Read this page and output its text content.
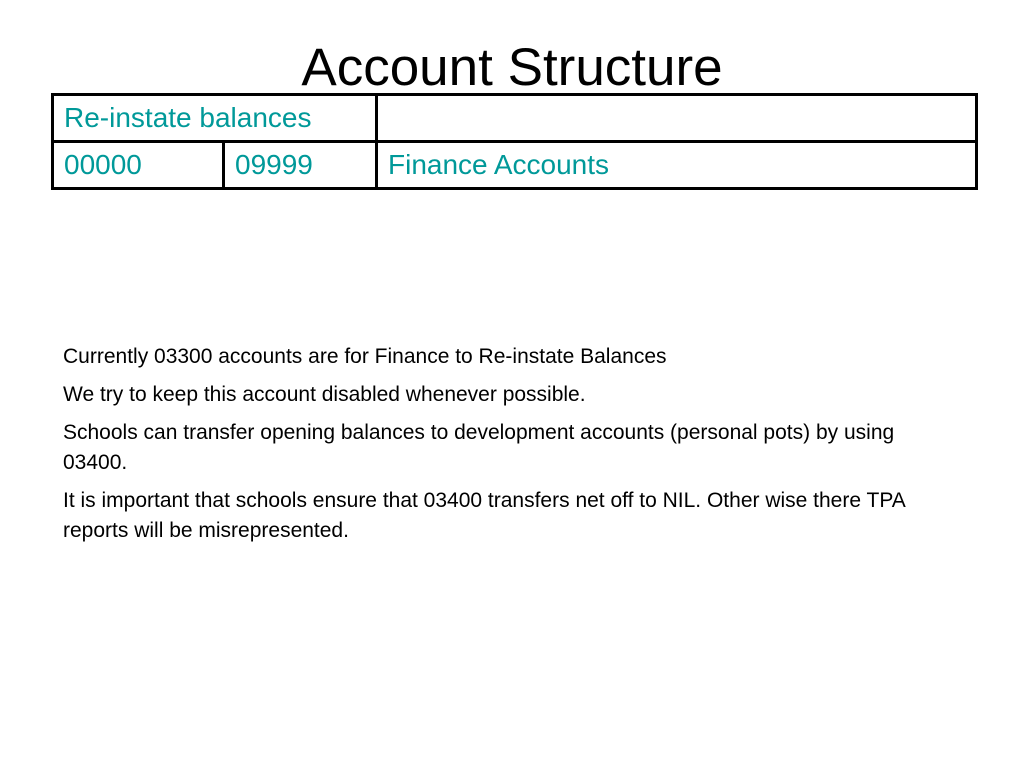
Account Structure
Re-instate balances		
00000	09999	Finance Accounts

Currently 03300 accounts are for Finance to Re-instate Balances

We try to keep this account disabled whenever possible.

Schools can transfer opening balances to development accounts (personal pots) by using 03400.

It is important that schools ensure that 03400 transfers net off to NIL. Other wise there TPA reports will be misrepresented.
